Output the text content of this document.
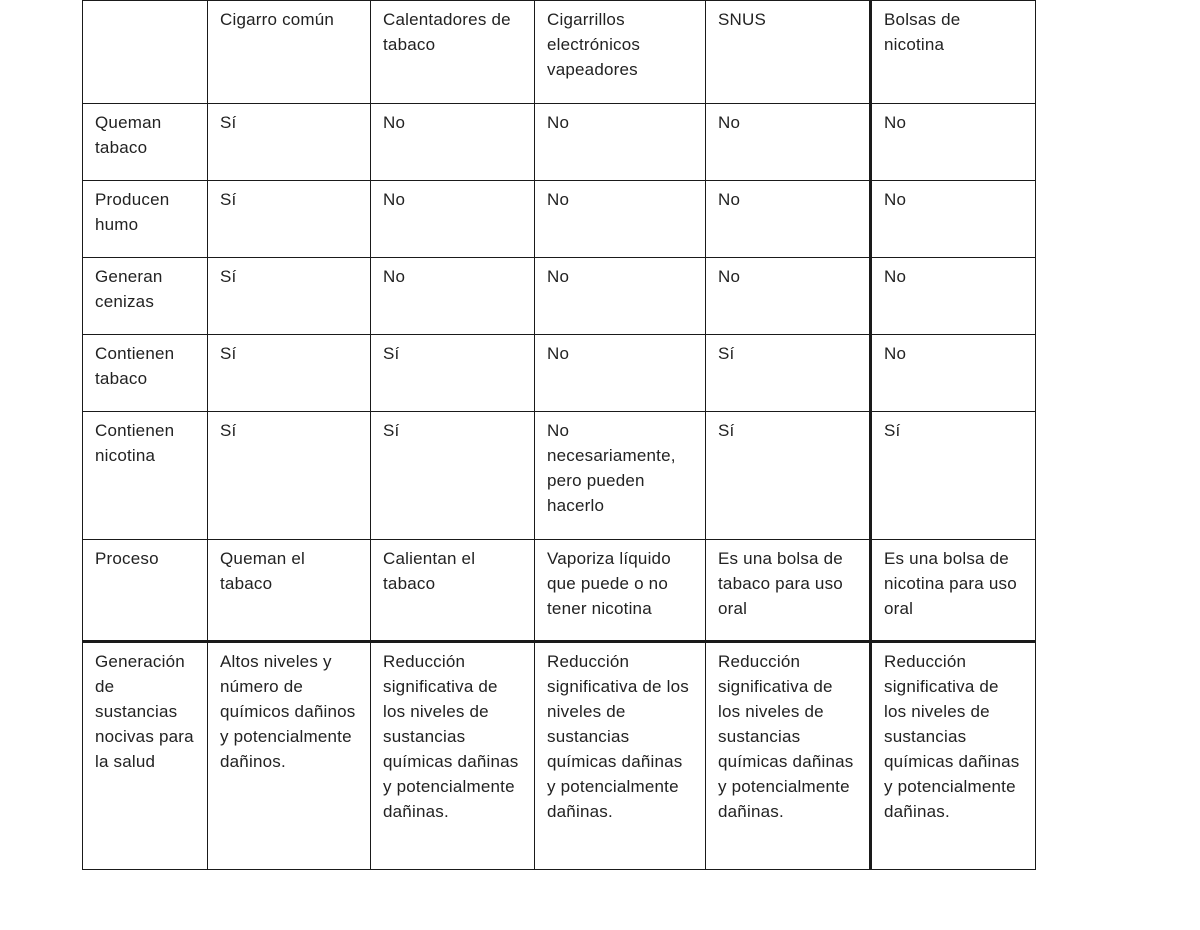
	Cigarro común	Calentadores de tabaco	Cigarrillos electrónicos vapeadores	SNUS	Bolsas de nicotina
Queman tabaco	Sí	No	No	No	No
Producen humo	Sí	No	No	No	No
Generan cenizas	Sí	No	No	No	No
Contienen tabaco	Sí	Sí	No	Sí	No
Contienen nicotina	Sí	Sí	No necesariamente, pero pueden hacerlo	Sí	Sí
Proceso	Queman el tabaco	Calientan el tabaco	Vaporiza líquido que puede o no tener nicotina	Es una bolsa de tabaco para uso oral	Es una bolsa de nicotina para uso oral
Generación de sustancias nocivas para la salud	Altos niveles y número de químicos dañinos y potencialmente dañinos.	Reducción significativa de los niveles de sustancias químicas dañinas y potencialmente dañinas.	Reducción significativa de los niveles de sustancias químicas dañinas y potencialmente dañinas.	Reducción significativa de los niveles de sustancias químicas dañinas y potencialmente dañinas.	Reducción significativa de los niveles de sustancias químicas dañinas y potencialmente dañinas.
